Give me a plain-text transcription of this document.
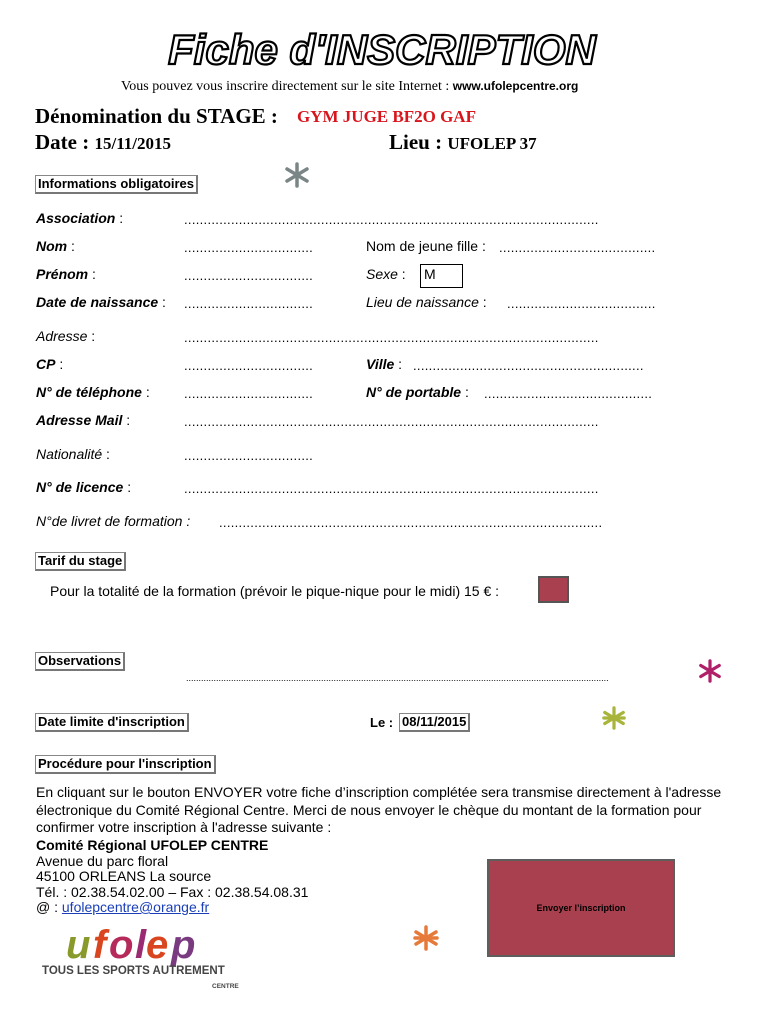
Fiche d'INSCRIPTION
Vous pouvez vous inscrire directement sur le site Internet : www.ufolepcentre.org
Dénomination du STAGE : GYM JUGE BF2O GAF
Date : 15/11/2015	Lieu : UFOLEP 37
Informations obligatoires
Association :	..........................................................................................................
Nom :	.................................	Nom de jeune fille : ........................................
Prénom :	.................................	Sexe : M
Date de naissance : .................................	Lieu de naissance : ......................................
Adresse :	..........................................................................................................
CP :	.................................	Ville : ...........................................................
N° de téléphone :	.................................	N° de portable : ...........................................
Adresse Mail :	..........................................................................................................
Nationalité :	.................................
N° de licence :	..........................................................................................................
N°de livret de formation : ..................................................................................................
Tarif du stage
Pour la totalité de la formation (prévoir le pique-nique pour le midi) 15 € :
Observations
.........................................................................................................................................................................
Date limite d'inscription	Le : 08/11/2015
Procédure pour l'inscription
En cliquant sur le bouton ENVOYER votre fiche d’inscription complétée sera transmise directement à l'adresse électronique du Comité Régional Centre. Merci de nous envoyer le chèque du montant de la formation pour confirmer votre inscription à l'adresse suivante :
Comité Régional UFOLEP CENTRE
Avenue du parc floral
45100 ORLEANS La source
Tél. : 02.38.54.02.00 – Fax : 02.38.54.08.31
@ : ufolepcentre@orange.fr	Envoyer l’inscription
u f o l e p
TOUS LES SPORTS AUTREMENT
CENTRE
